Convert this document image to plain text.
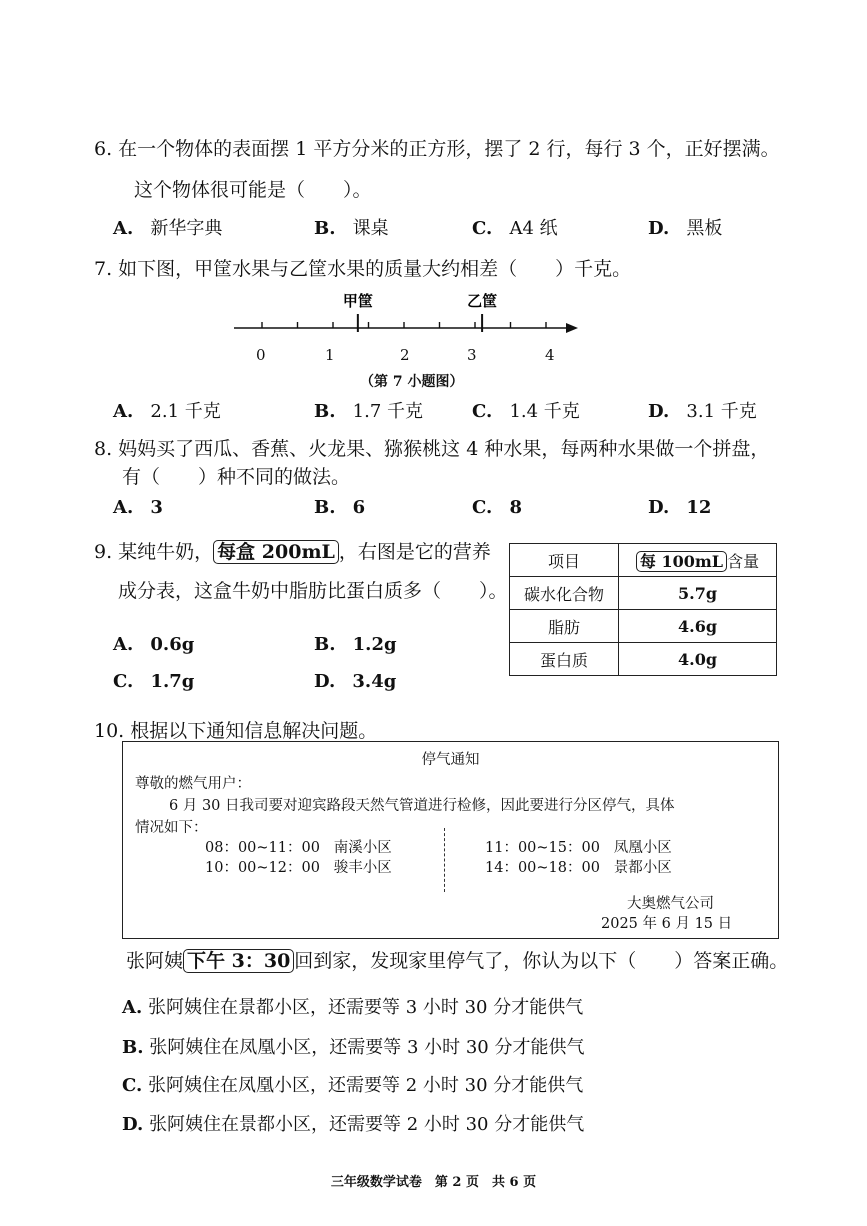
6. 在一个物体的表面摆 1 平方分米的正方形，摆了 2 行，每行 3 个，正好摆满。
这个物体很可能是（　　）。
A. 新华字典	B. 课桌	C. A4 纸	D. 黑板
7. 如下图，甲筐水果与乙筐水果的质量大约相差（　　）千克。
甲筐	乙筐
0	1	2	3	4
（第 7 小题图）
A. 2.1 千克	B. 1.7 千克	C. 1.4 千克	D. 3.1 千克
8. 妈妈买了西瓜、香蕉、火龙果、猕猴桃这 4 种水果，每两种水果做一个拼盘，
有（　　）种不同的做法。
A. 3	B. 6	C. 8	D. 12
9. 某纯牛奶， 每盒 200mL ，右图是它的营养
成分表，这盒牛奶中脂肪比蛋白质多（　　）。
A. 0.6g	B. 1.2g
C. 1.7g	D. 3.4g
项目	每 100mL 含量
碳水化合物	5.7g
脂肪	4.6g
蛋白质	4.0g
10. 根据以下通知信息解决问题。
停气通知
尊敬的燃气用户：
6 月 30 日我司要对迎宾路段天然气管道进行检修，因此要进行分区停气，具体
情况如下：
08：00~11：00 南溪小区
10：00~12：00 骏丰小区
11：00~15：00 凤凰小区
14：00~18：00 景都小区
大奥燃气公司
2025 年 6 月 15 日
张阿姨 下午 3：30 回到家，发现家里停气了，你认为以下（　　）答案正确。
A. 张阿姨住在景都小区，还需要等 3 小时 30 分才能供气
B. 张阿姨住在凤凰小区，还需要等 3 小时 30 分才能供气
C. 张阿姨住在凤凰小区，还需要等 2 小时 30 分才能供气
D. 张阿姨住在景都小区，还需要等 2 小时 30 分才能供气
三年级数学试卷　第 2 页　共 6 页
